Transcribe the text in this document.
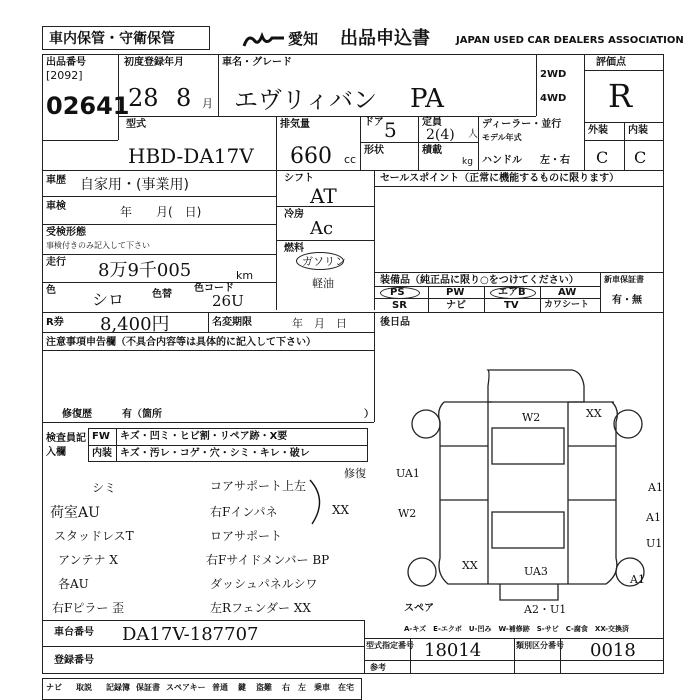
車内保管・守衛保管	愛知 出品申込書	JAPAN USED CAR DEALERS ASSOCIATION
出品番号
[2092]
02641
初度登録年月
28 8 月
車名・グレード
エヴリィバン PA
2WD
4WD
評価点
R
外装 内装
C C
型式
HBD-DA17V
排気量
660 cc
ドア 5	定員
2(4) 人
形状	積載
kg
ディーラー・並行
モデル年式
ハンドル 左・右
車歴 自家用・(事業用)
車検	年　　月(　日)
受検形態
事検付きのみ記入して下さい
走行 8万9千005	km
色 シロ	色替
色コード
26U
シフト
AT
冷房
Ac
燃料
ガソリン
軽油
セールスポイント（正常に機能するものに限ります）
装備品（純正品に限り○をつけてください）
PS	PW	エアB	AW
SR	ナビ	TV	カワシート
新車保証書
有・無
R券 8,400円	名変期限	年　月　日	後日品
注意事項申告欄（不具合内容等は具体的に記入して下さい）
修復歴	有（箇所	）
検査員記入欄
FW キズ・凹ミ・ヒビ割・リペア跡・X要
内装 キズ・汚レ・コゲ・穴・シミ・キレ・破レ
修復
シミ	コアサポート上左
荷室AU	右Fインパネ	XX
スタッドレスT	ロアサポート
アンテナ X	右Fサイドメンバー BP
各AU	ダッシュパネルシワ
右Fピラー 歪	左Rフェンダー XX
W2	XX
UA1
A1
W2	A1
U1
XX	UA3
A1
A2・U1
スペア
A-キズ　E-エクボ　U-凹み　W-補修跡　S-サビ　C-腐食　XX-交換済
車台番号 DA17V-187707
登録番号
型式指定番号 18014	類別区分番号 0018
参考
ナビ 取説 記録簿 保証書 スペアキー 普通 鍵 盗難 右 左 乗車 在宅
